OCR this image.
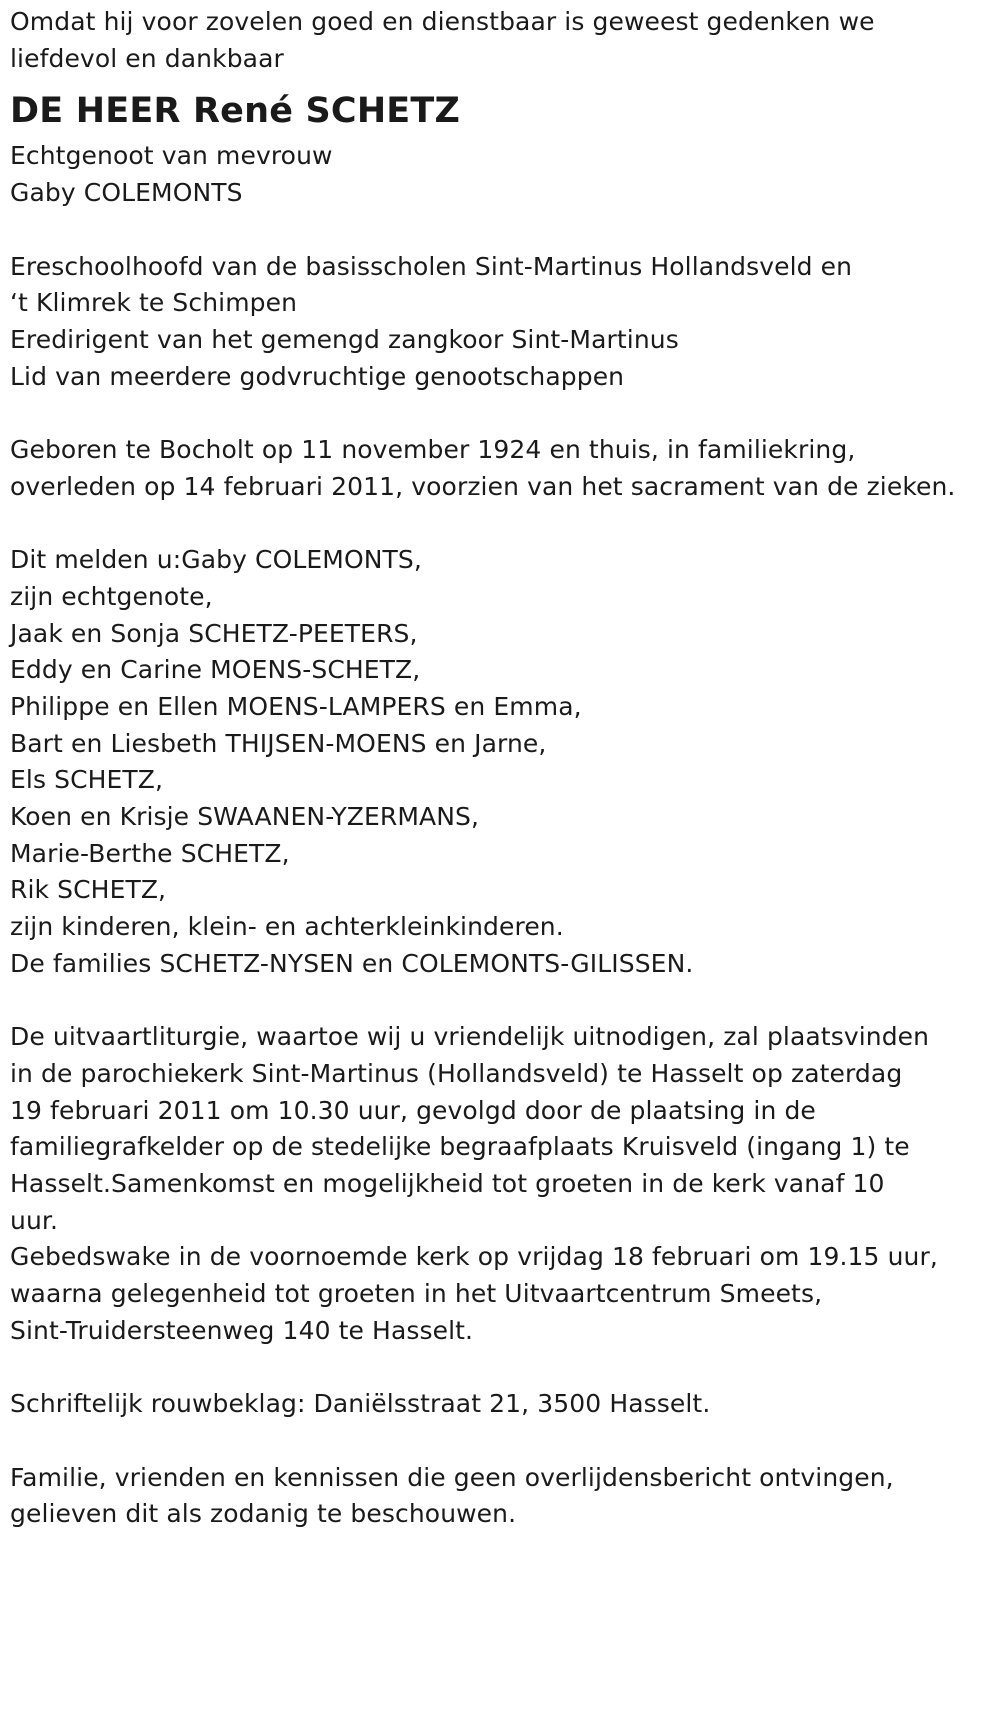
Omdat hij voor zovelen goed en dienstbaar is geweest gedenken we
liefdevol en dankbaar
DE HEER René SCHETZ
Echtgenoot van mevrouw
Gaby COLEMONTS
Ereschoolhoofd van de basisscholen Sint-Martinus Hollandsveld en
‘t Klimrek te Schimpen
Eredirigent van het gemengd zangkoor Sint-Martinus
Lid van meerdere godvruchtige genootschappen
Geboren te Bocholt op 11 november 1924 en thuis, in familiekring,
overleden op 14 februari 2011, voorzien van het sacrament van de zieken.
Dit melden u:Gaby COLEMONTS,
zijn echtgenote,
Jaak en Sonja SCHETZ-PEETERS,
Eddy en Carine MOENS-SCHETZ,
Philippe en Ellen MOENS-LAMPERS en Emma,
Bart en Liesbeth THIJSEN-MOENS en Jarne,
Els SCHETZ,
Koen en Krisje SWAANEN-YZERMANS,
Marie-Berthe SCHETZ,
Rik SCHETZ,
zijn kinderen, klein- en achterkleinkinderen.
De families SCHETZ-NYSEN en COLEMONTS-GILISSEN.
De uitvaartliturgie, waartoe wij u vriendelijk uitnodigen, zal plaatsvinden
in de parochiekerk Sint-Martinus (Hollandsveld) te Hasselt op zaterdag
19 februari 2011 om 10.30 uur, gevolgd door de plaatsing in de
familiegrafkelder op de stedelijke begraafplaats Kruisveld (ingang 1) te
Hasselt.Samenkomst en mogelijkheid tot groeten in de kerk vanaf 10
uur.
Gebedswake in de voornoemde kerk op vrijdag 18 februari om 19.15 uur,
waarna gelegenheid tot groeten in het Uitvaartcentrum Smeets,
Sint-Truidersteenweg 140 te Hasselt.
Schriftelijk rouwbeklag: Daniëlsstraat 21, 3500 Hasselt.
Familie, vrienden en kennissen die geen overlijdensbericht ontvingen,
gelieven dit als zodanig te beschouwen.
